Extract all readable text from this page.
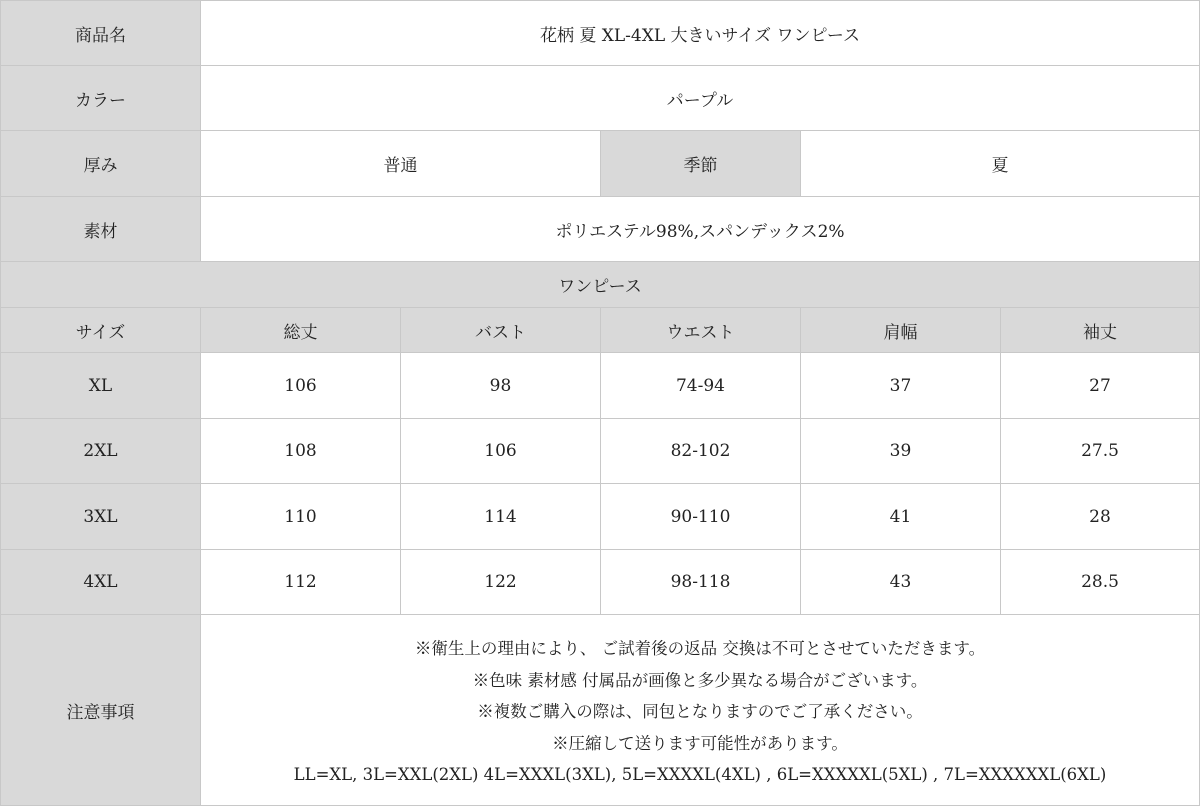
商品名	花柄 夏 XL-4XL 大きいサイズ ワンピース
カラー	パープル
厚み	普通	季節	夏
素材	ポリエステル98%,スパンデックス2%
ワンピース
サイズ	総丈	バスト	ウエスト	肩幅	袖丈
XL	106	98	74-94	37	27
2XL	108	106	82-102	39	27.5
3XL	110	114	90-110	41	28
4XL	112	122	98-118	43	28.5
注意事項
※衛生上の理由により、 ご試着後の返品 交換は不可とさせていただきます。
※色味 素材感 付属品が画像と多少異なる場合がございます。
※複数ご購入の際は、同包となりますのでご了承ください。
※圧縮して送ります可能性があります。
LL=XL, 3L=XXL(2XL) 4L=XXXL(3XL), 5L=XXXXL(4XL) , 6L=XXXXXL(5XL) , 7L=XXXXXXL(6XL)
